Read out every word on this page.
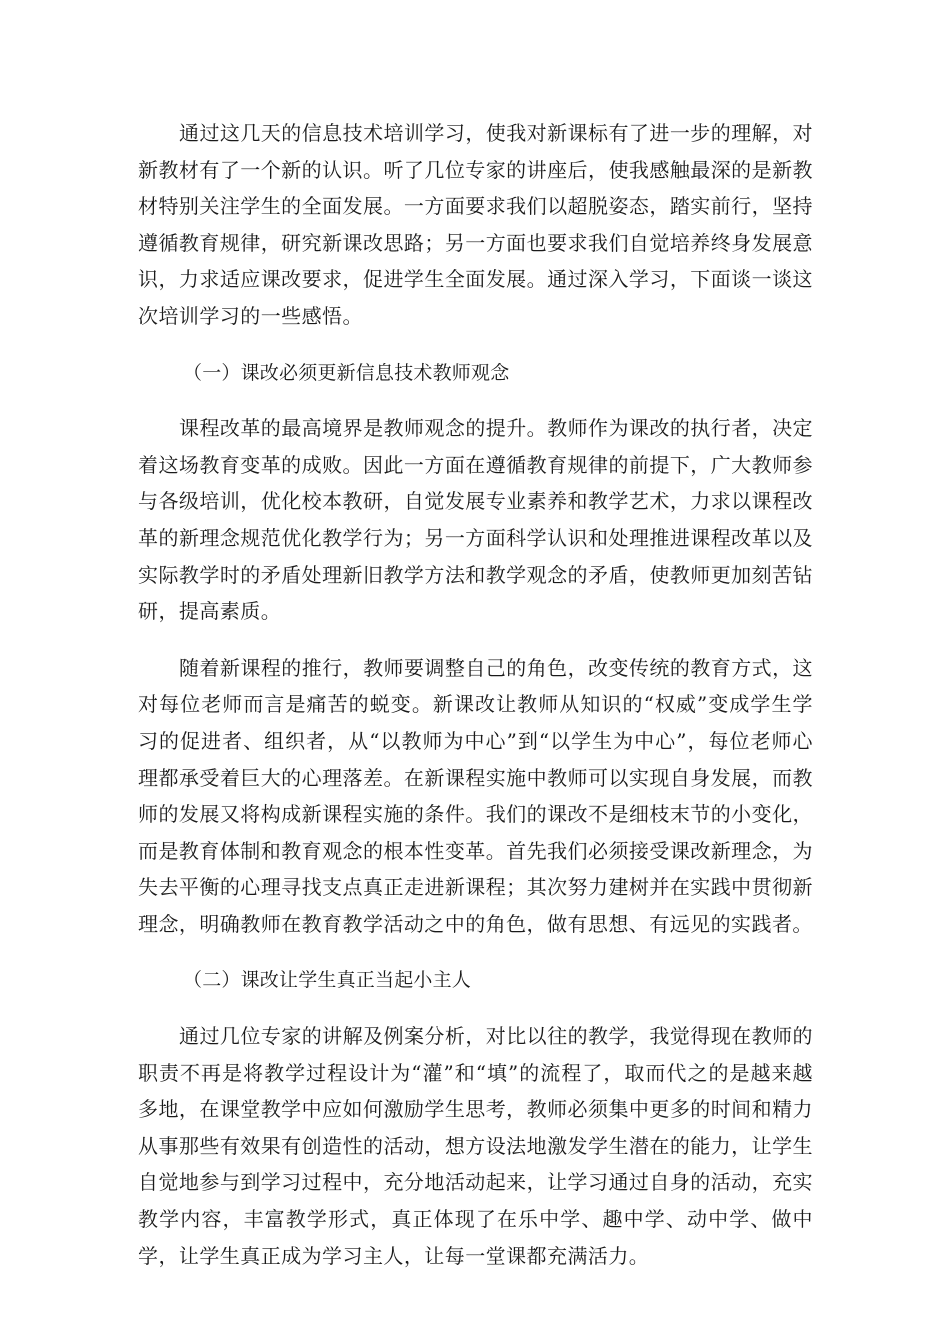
通过这几天的信息技术培训学习，使我对新课标有了进一步的理解，对新教材有了一个新的认识。听了几位专家的讲座后，使我感触最深的是新教材特别关注学生的全面发展。一方面要求我们以超脱姿态，踏实前行，坚持遵循教育规律，研究新课改思路；另一方面也要求我们自觉培养终身发展意识，力求适应课改要求，促进学生全面发展。通过深入学习，下面谈一谈这次培训学习的一些感悟。

（一）课改必须更新信息技术教师观念

课程改革的最高境界是教师观念的提升。教师作为课改的执行者，决定着这场教育变革的成败。因此一方面在遵循教育规律的前提下，广大教师参与各级培训，优化校本教研，自觉发展专业素养和教学艺术，力求以课程改革的新理念规范优化教学行为；另一方面科学认识和处理推进课程改革以及实际教学时的矛盾处理新旧教学方法和教学观念的矛盾，使教师更加刻苦钻研，提高素质。

随着新课程的推行，教师要调整自己的角色，改变传统的教育方式，这对每位老师而言是痛苦的蜕变。新课改让教师从知识的“权威”变成学生学习的促进者、组织者，从“以教师为中心”到“以学生为中心”，每位老师心理都承受着巨大的心理落差。在新课程实施中教师可以实现自身发展，而教师的发展又将构成新课程实施的条件。我们的课改不是细枝末节的小变化，而是教育体制和教育观念的根本性变革。首先我们必须接受课改新理念，为失去平衡的心理寻找支点真正走进新课程；其次努力建树并在实践中贯彻新理念，明确教师在教育教学活动之中的角色，做有思想、有远见的实践者。

（二）课改让学生真正当起小主人

通过几位专家的讲解及例案分析，对比以往的教学，我觉得现在教师的职责不再是将教学过程设计为“灌”和“填”的流程了，取而代之的是越来越多地，在课堂教学中应如何激励学生思考，教师必须集中更多的时间和精力从事那些有效果有创造性的活动，想方设法地激发学生潜在的能力，让学生自觉地参与到学习过程中，充分地活动起来，让学习通过自身的活动，充实教学内容，丰富教学形式，真正体现了在乐中学、趣中学、动中学、做中学，让学生真正成为学习主人，让每一堂课都充满活力。
